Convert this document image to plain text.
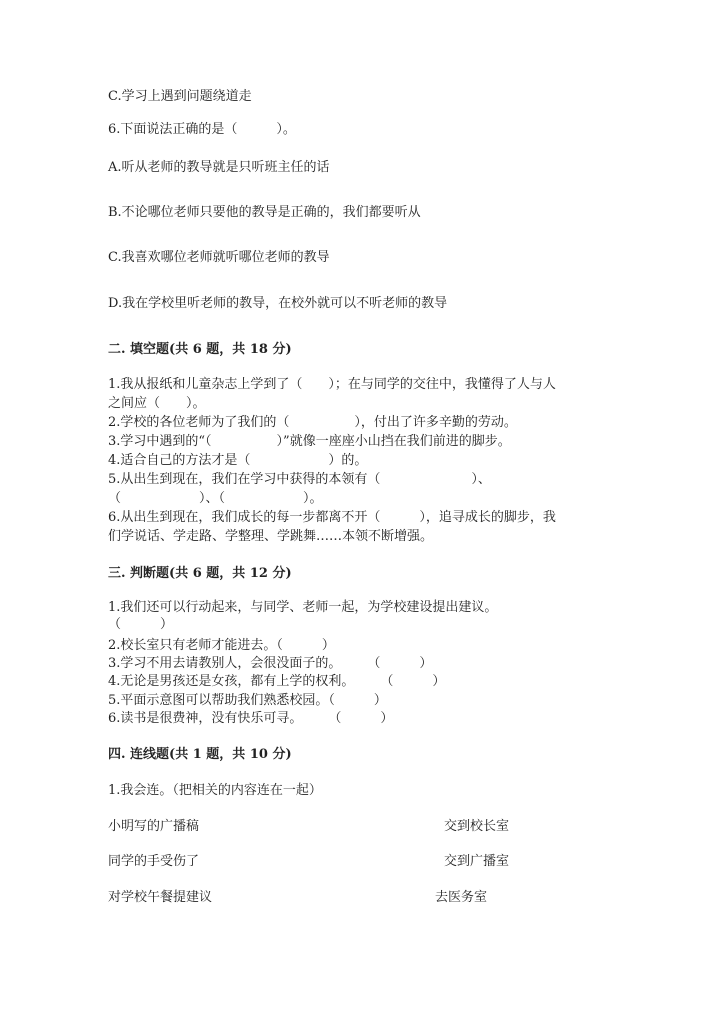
C.学习上遇到问题绕道走
6.下面说法正确的是（　　　）。
A.听从老师的教导就是只听班主任的话
B.不论哪位老师只要他的教导是正确的，我们都要听从
C.我喜欢哪位老师就听哪位老师的教导
D.我在学校里听老师的教导，在校外就可以不听老师的教导
二. 填空题(共 6 题，共 18 分)
1.我从报纸和儿童杂志上学到了（　　）；在与同学的交往中，我懂得了人与人
之间应（　　）。
2.学校的各位老师为了我们的（　　　　　），付出了许多辛勤的劳动。
3.学习中遇到的“（　　　　　）”就像一座座小山挡在我们前进的脚步。
4.适合自己的方法才是（　　　　　　）的。
5.从出生到现在，我们在学习中获得的本领有（　　　　　　　）、
（　　　　　　）、（　　　　　　）。
6.从出生到现在，我们成长的每一步都离不开（　　　），追寻成长的脚步，我
们学说话、学走路、学整理、学跳舞……本领不断增强。
三. 判断题(共 6 题，共 12 分)
1.我们还可以行动起来，与同学、老师一起，为学校建设提出建议。
（　　　）
2.校长室只有老师才能进去。（　　　）
3.学习不用去请教别人，会很没面子的。　　　（　　　）
4.无论是男孩还是女孩，都有上学的权利。　　　（　　　）
5.平面示意图可以帮助我们熟悉校园。（　　　）
6.读书是很费神，没有快乐可寻。　　　（　　　）
四. 连线题(共 1 题，共 10 分)
1.我会连。（把相关的内容连在一起）
小明写的广播稿	交到校长室
同学的手受伤了	交到广播室
对学校午餐提建议	去医务室
